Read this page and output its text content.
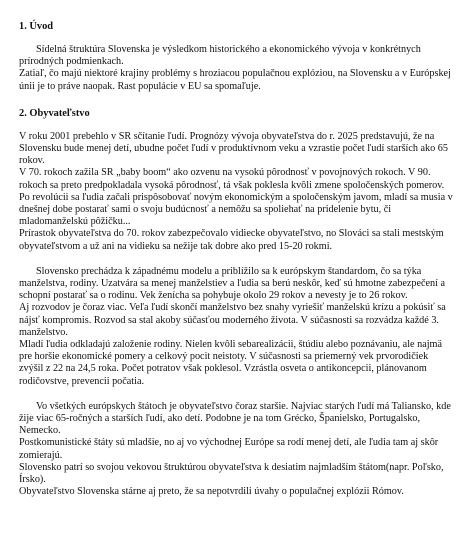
1. Úvod

Sídelná štruktúra Slovenska je výsledkom historického a ekonomického vývoja v konkrétnych prírodných podmienkach.

Zatiaľ, čo majú niektoré krajiny problémy s hroziacou populačnou explóziou, na Slovensku a v Európskej únii je to práve naopak. Rast populácie v EU sa spomaľuje.

2. Obyvateľstvo

V roku 2001 prebehlo v SR sčítanie ľudí. Prognózy vývoja obyvateľstva do r. 2025 predstavujú, že na Slovensku bude menej detí, ubudne počet ľudí v produktívnom veku a vzrastie počet ľudí starších ako 65 rokov.

V 70. rokoch zažila SR „baby boom“ ako ozvenu na vysokú pôrodnosť v povojnových rokoch. V 90. rokoch sa preto predpokladala vysoká pôrodnosť, tá však poklesla kvôli zmene spoločenských pomerov. Po revolúcii sa ľudia začali prispôsobovať novým ekonomickým a spoločenským javom, mladí sa musia v dnešnej dobe postarať sami o svoju budúcnosť a nemôžu sa spoliehať na pridelenie bytu, či mladomanželskú pôžičku...

Prírastok obyvateľstva do 70. rokov zabezpečovalo vidiecke obyvateľstvo, no Slováci sa stali mestským obyvateľstvom a už ani na vidieku sa nežije tak dobre ako pred 15-20 rokmi.

Slovensko prechádza k západnému modelu a priblížilo sa k európskym štandardom, čo sa týka manželstva, rodiny. Uzatvára sa menej manželstiev a ľudia sa berú neskôr, keď sú hmotne zabezpečení a schopní postarať sa o rodinu. Vek ženícha sa pohybuje okolo 29 rokov a nevesty je to 26 rokov.

Aj rozvodov je čoraz viac. Veľa ľudí skončí manželstvo bez snahy vyriešiť manželskú krízu a pokúsiť sa nájsť kompromis. Rozvod sa stal akoby súčasťou moderného života. V súčasnosti sa rozvádza každé 3. manželstvo.

Mladí ľudia odkladajú založenie rodiny. Nielen kvôli sebarealizácii, štúdiu alebo poznávaniu, ale najmä pre horšie ekonomické pomery a celkový pocit neistoty. V súčasnosti sa priemerný vek prvorodičiek zvýšil z 22 na 24,5 roka. Počet potratov však poklesol. Vzrástla osveta o antikoncepcii, plánovanom rodičovstve, prevencii počatia.

Vo všetkých európskych štátoch je obyvateľstvo čoraz staršie. Najviac starých ľudí má Taliansko, kde žije viac 65-ročných a starších ľudí, ako detí. Podobne je na tom Grécko, Španielsko, Portugalsko, Nemecko.

Postkomunistické štáty sú mladšie, no aj vo východnej Európe sa rodí menej detí, ale ľudia tam aj skôr zomierajú.

Slovensko patrí so svojou vekovou štruktúrou obyvateľstva k desiatim najmladším štátom(napr. Poľsko, Írsko).

Obyvateľstvo Slovenska stárne aj preto, že sa nepotvrdili úvahy o populačnej explózii Rómov.
